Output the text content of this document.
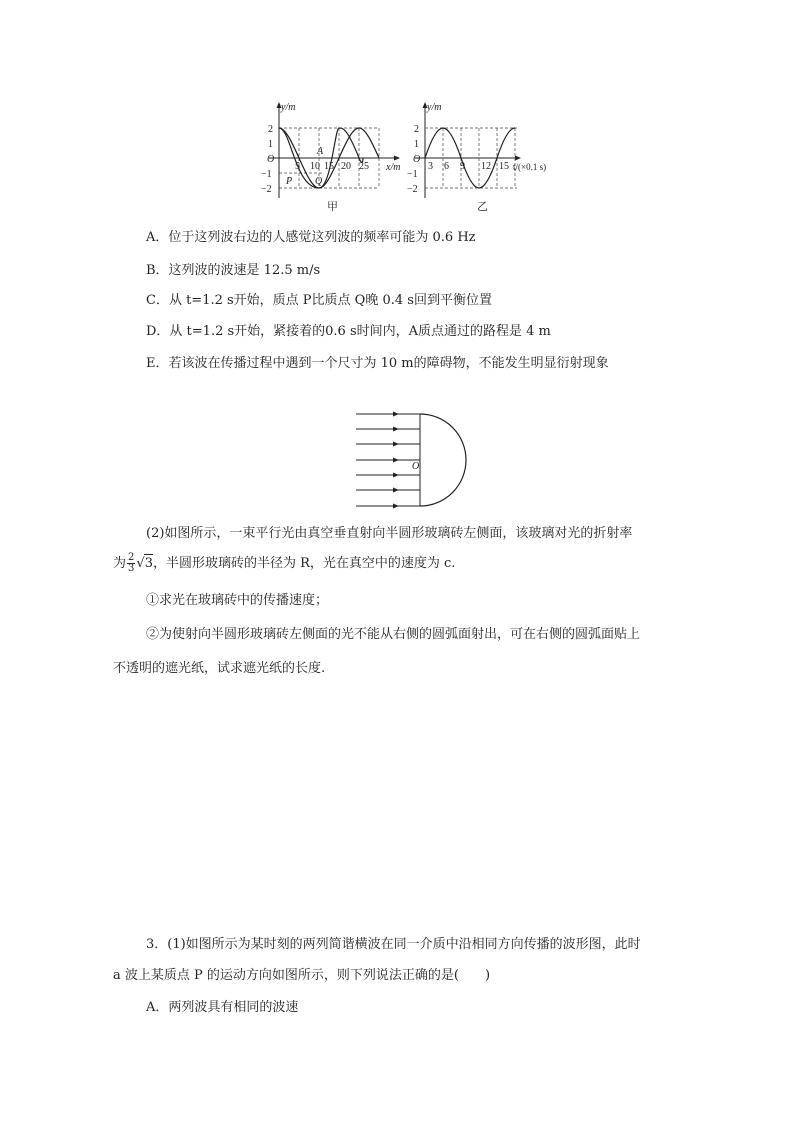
y/m
x/m
O
2
1
−1
−2
5 10 15 20 25
A
P Q
甲
y/m
t/(×0.1 s)
O
2
1
−1
−2
3 6 9 12 15
乙
A．位于这列波右边的人感觉这列波的频率可能为 0.6 Hz
B．这列波的波速是 12.5 m/s
C．从 t=1.2 s开始，质点 P比质点 Q晚 0.4 s回到平衡位置
D．从 t=1.2 s开始，紧接着的0.6 s时间内，A质点通过的路程是 4 m
E．若该波在传播过程中遇到一个尺寸为 10 m的障碍物，不能发生明显衍射现象
O
(2)如图所示，一束平行光由真空垂直射向半圆形玻璃砖左侧面，该玻璃对光的折射率
为 $\frac{2}{3} √3$，半圆形玻璃砖的半径为 R，光在真空中的速度为 c.
①求光在玻璃砖中的传播速度；
②为使射向半圆形玻璃砖左侧面的光不能从右侧的圆弧面射出，可在右侧的圆弧面贴上
不透明的遮光纸，试求遮光纸的长度.
3．(1)如图所示为某时刻的两列简谐横波在同一介质中沿相同方向传播的波形图，此时
a 波上某质点 P 的运动方向如图所示，则下列说法正确的是(　　)
A．两列波具有相同的波速
